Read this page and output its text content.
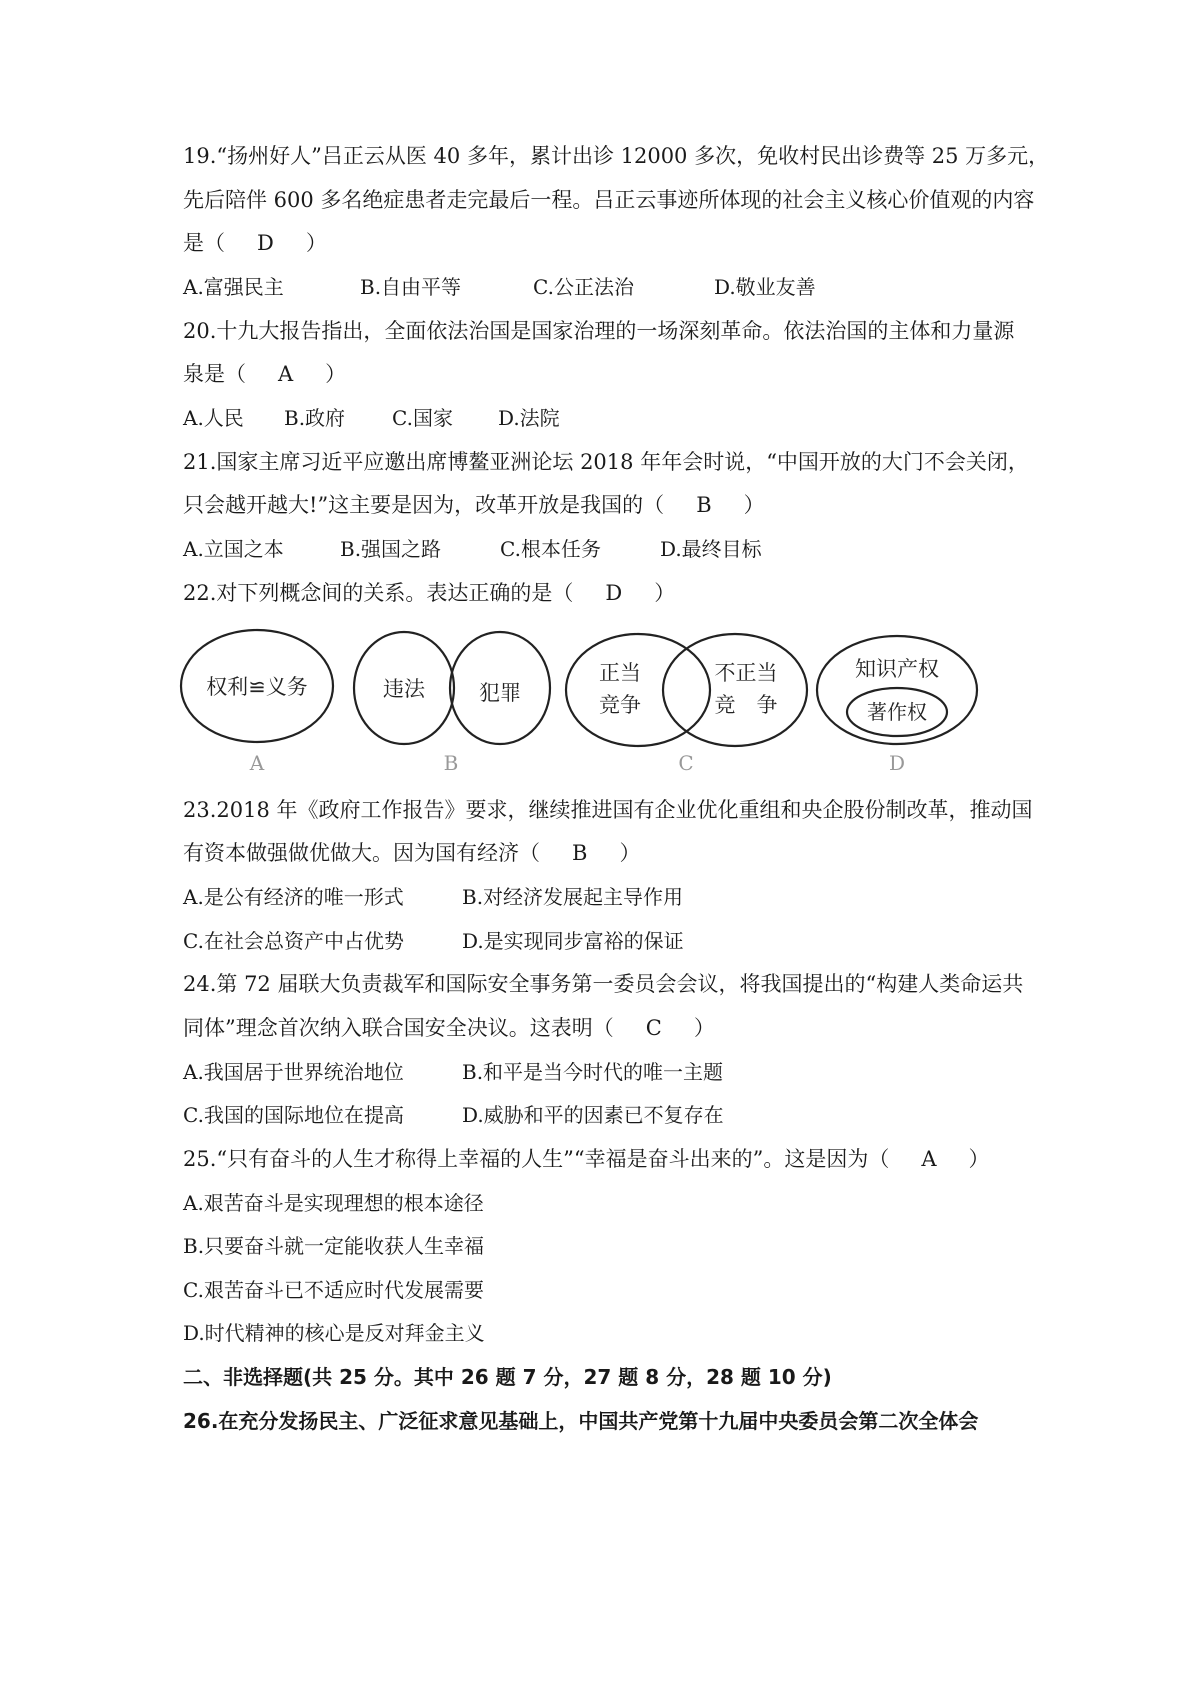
19.“扬州好人”吕正云从医 40 多年，累计出诊 12000 多次，免收村民出诊费等 25 万多元，
先后陪伴 600 多名绝症患者走完最后一程。吕正云事迹所体现的社会主义核心价值观的内容
是（ D ）
A.富强民主	B.自由平等	C.公正法治	D.敬业友善
20.十九大报告指出，全面依法治国是国家治理的一场深刻革命。依法治国的主体和力量源
泉是（ A ）
A.人民 B.政府 C.国家 D.法院
21.国家主席习近平应邀出席博鳌亚洲论坛 2018 年年会时说，“中国开放的大门不会关闭，
只会越开越大!”这主要是因为，改革开放是我国的（ B ）
A.立国之本	B.强国之路	C.根本任务	D.最终目标
22.对下列概念间的关系。表达正确的是（ D ）
权利≌义务
A
违法	犯罪
B
正当
竞争
不正当
竞　争
C
知识产权
著作权
D
23.2018 年《政府工作报告》要求，继续推进国有企业优化重组和央企股份制改革，推动国
有资本做强做优做大。因为国有经济（ B ）
A.是公有经济的唯一形式	B.对经济发展起主导作用
C.在社会总资产中占优势	D.是实现同步富裕的保证
24.第 72 届联大负责裁军和国际安全事务第一委员会会议，将我国提出的“构建人类命运共
同体”理念首次纳入联合国安全决议。这表明（ C ）
A.我国居于世界统治地位	B.和平是当今时代的唯一主题
C.我国的国际地位在提高	D.威胁和平的因素已不复存在
25.“只有奋斗的人生才称得上幸福的人生”“幸福是奋斗出来的”。这是因为（ A ）
A.艰苦奋斗是实现理想的根本途径
B.只要奋斗就一定能收获人生幸福
C.艰苦奋斗已不适应时代发展需要
D.时代精神的核心是反对拜金主义
二、非选择题(共 25 分。其中 26 题 7 分，27 题 8 分，28 题 10 分)
26.在充分发扬民主、广泛征求意见基础上，中国共产党第十九届中央委员会第二次全体会
